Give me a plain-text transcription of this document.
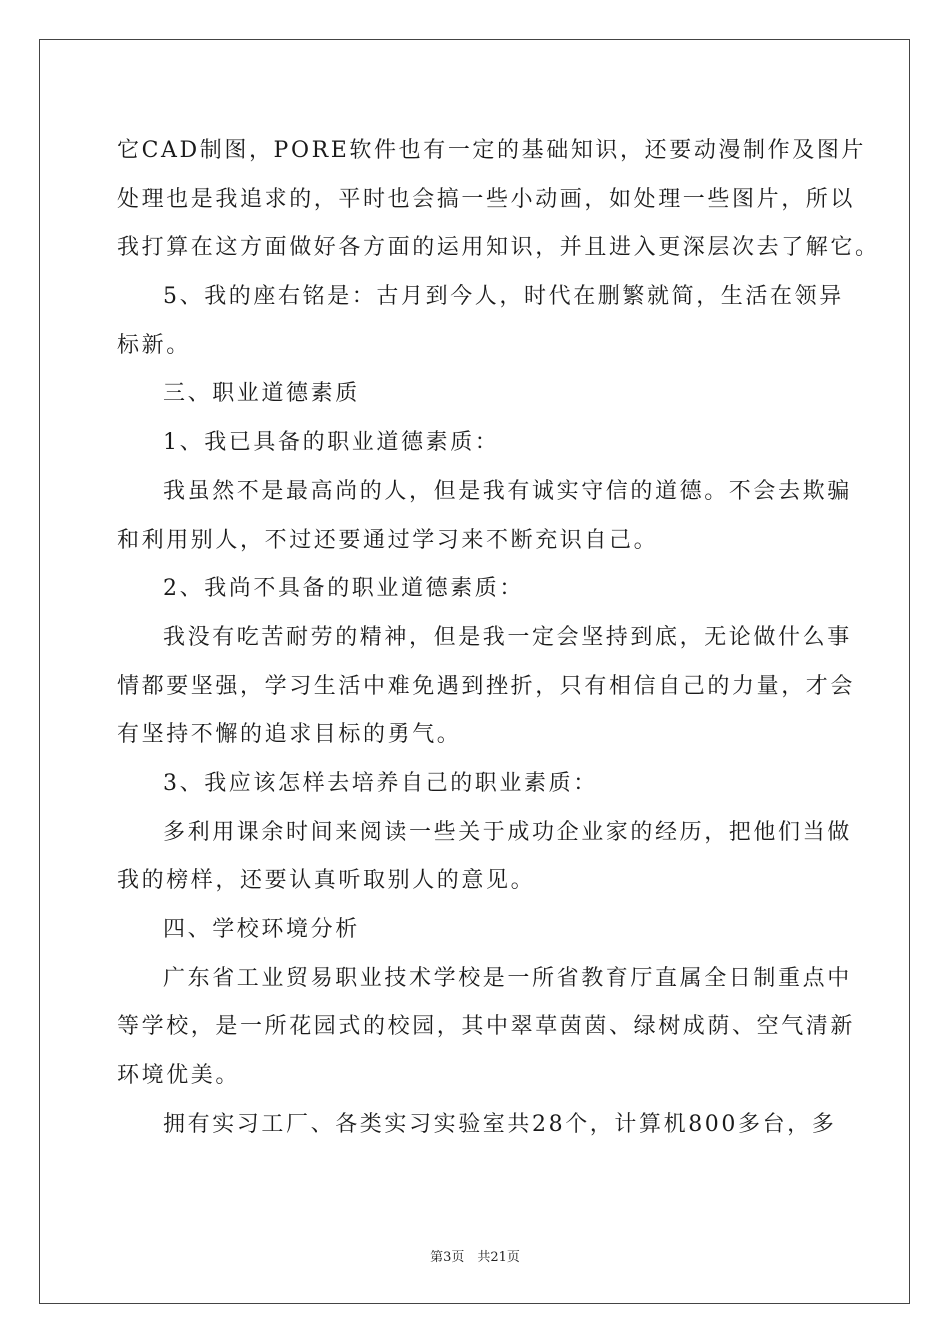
它CAD制图，PORE软件也有一定的基础知识，还要动漫制作及图片
处理也是我追求的，平时也会搞一些小动画，如处理一些图片，所以
我打算在这方面做好各方面的运用知识，并且进入更深层次去了解它。
5、我的座右铭是：古月到今人，时代在删繁就简，生活在领异
标新。
三、职业道德素质
1、我已具备的职业道德素质：
我虽然不是最高尚的人，但是我有诚实守信的道德。不会去欺骗
和利用别人，不过还要通过学习来不断充识自己。
2、我尚不具备的职业道德素质：
我没有吃苦耐劳的精神，但是我一定会坚持到底，无论做什么事
情都要坚强，学习生活中难免遇到挫折，只有相信自己的力量，才会
有坚持不懈的追求目标的勇气。
3、我应该怎样去培养自己的职业素质：
多利用课余时间来阅读一些关于成功企业家的经历，把他们当做
我的榜样，还要认真听取别人的意见。
四、学校环境分析
广东省工业贸易职业技术学校是一所省教育厅直属全日制重点中
等学校，是一所花园式的校园，其中翠草茵茵、绿树成荫、空气清新
环境优美。
拥有实习工厂、各类实习实验室共28个，计算机800多台，多
第3页　共21页
